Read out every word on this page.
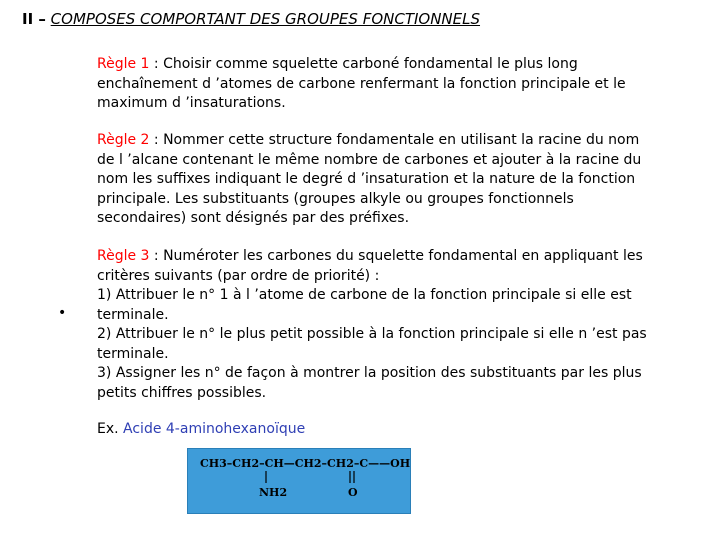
II – COMPOSES COMPORTANT DES GROUPES FONCTIONNELS
Règle 1 : Choisir comme squelette carboné fondamental le plus long
enchaînement d ’atomes de carbone renfermant la fonction principale et le
maximum d ’insaturations.
Règle 2 : Nommer cette structure fondamentale en utilisant la racine du nom
de l ’alcane contenant le même nombre de carbones et ajouter à la racine du
nom les suffixes indiquant le degré d ’insaturation et la nature de la fonction
principale. Les substituants (groupes alkyle ou groupes fonctionnels
secondaires) sont désignés par des préfixes.
•
Règle 3 : Numéroter les carbones du squelette fondamental en appliquant les
critères suivants (par ordre de priorité) :
1) Attribuer le n° 1 à l ’atome de carbone de la fonction principale si elle est
terminale.
2) Attribuer le n° le plus petit possible à la fonction principale si elle n ’est pas
terminale.
3) Assigner les n° de façon à montrer la position des substituants par les plus
petits chiffres possibles.
Ex. Acide 4-aminohexanoïque
CH3–CH2–CH—CH2–CH2–C——OH
NH2	O
